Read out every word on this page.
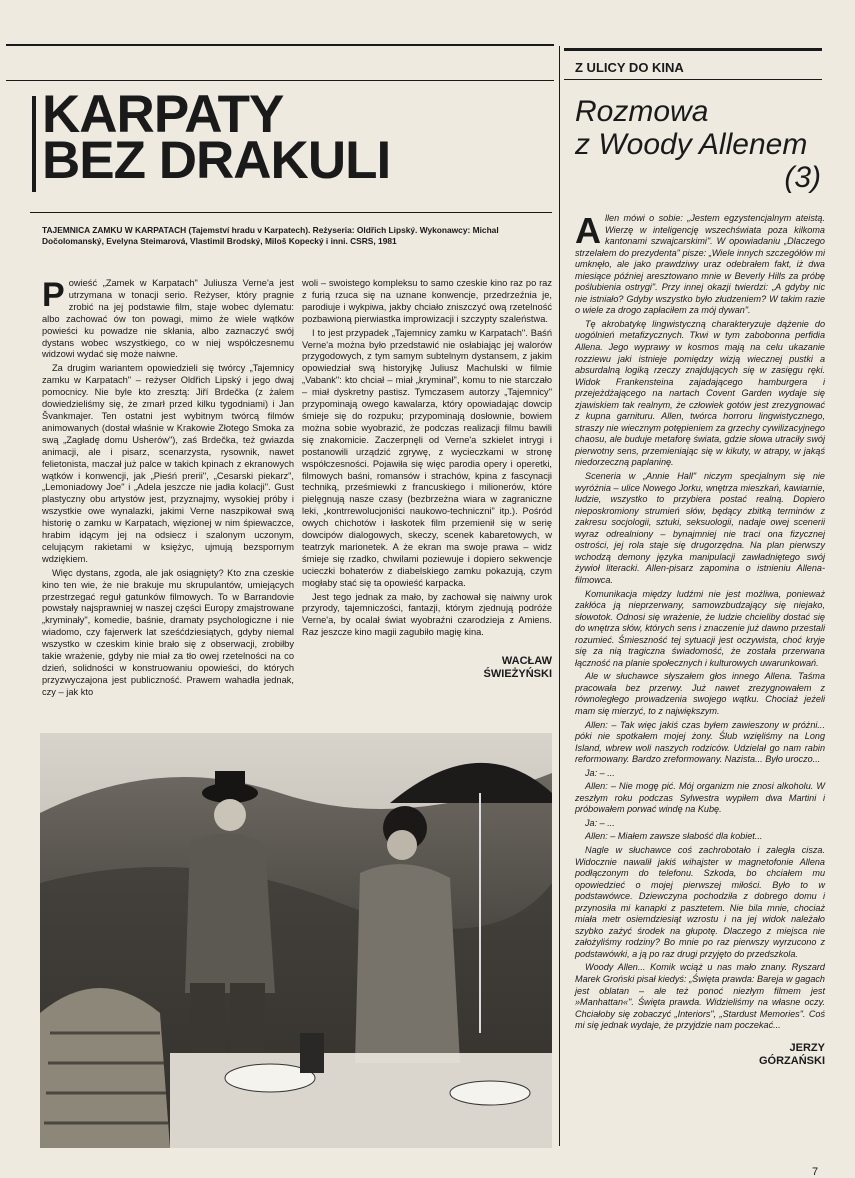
Z ULICY DO KINA
KARPATY
BEZ DRAKULI
TAJEMNICA ZAMKU W KARPATACH (Tajemství hradu v Karpatech). Reżyseria: Oldřich Lipský. Wykonawcy: Michal Dočolomanský, Evelyna Steimarová, Vlastimil Brodský, Miloš Kopecký i inni. CSRS, 1981
P owieść „Zamek w Karpatach" Juliusza Verne'a jest utrzymana w tonacji serio. Reżyser, który pragnie zrobić na jej podstawie film, staje wobec dylematu: albo zachować ów ton powagi, mimo że wiele wątków powieści ku powadze nie skłania, albo zaznaczyć swój dystans wobec wszystkiego, co w niej współczesnemu widzowi wydać się może naiwne.

Za drugim wariantem opowiedzieli się twórcy „Tajemnicy zamku w Karpatach" – reżyser Oldřich Lipský i jego dwaj pomocnicy. Nie byle kto zresztą: Jiří Brdečka (z żalem dowiedzieliśmy się, że zmarł przed kilku tygodniami) i Jan Švankmajer. Ten ostatni jest wybitnym twórcą filmów animowanych (dostał właśnie w Krakowie Złotego Smoka za swą „Zagładę domu Usherów"), zaś Brdečka, też gwiazda animacji, ale i pisarz, scenarzysta, rysownik, nawet felietonista, maczał już palce w takich kpinach z ekranowych wątków i konwencji, jak „Pieśń prerii", „Cesarski piekarz", „Lemoniadowy Joe" i „Adela jeszcze nie jadła kolacji". Gust plastyczny obu artystów jest, przyznajmy, wysokiej próby i wszystkie owe wynalazki, jakimi Verne naszpikował swą historię o zamku w Karpatach, więzionej w nim śpiewaczce, hrabim idącym jej na odsiecz i szalonym uczonym, celującym rakietami w księżyc, ujmują bezspornym wdziękiem.

Więc dystans, zgoda, ale jak osiągnięty? Kto zna czeskie kino ten wie, że nie brakuje mu skrupulantów, umiejących przestrzegać reguł gatunków filmowych. To w Barrandovie powstały najsprawniej w naszej części Europy zmajstrowane „kryminały", komedie, baśnie, dramaty psychologiczne i nie wiadomo, czy fajerwerk lat sześćdziesiątych, gdyby niemal wszystko w czeskim kinie brało się z obserwacji, zrobiłby takie wrażenie, gdyby nie miał za tło owej rzetelności na co dzień, solidności w konstruowaniu opowieści, do których przyzwyczajona jest publiczność. Prawem wahadła jednak, czy – jak kto

woli – swoistego kompleksu to samo czeskie kino raz po raz z furią rzuca się na uznane konwencje, przedrzeźnia je, parodiuje i wykpiwa, jakby chciało zniszczyć ową rzetelność pozbawioną pierwiastka improwizacji i szczypty szaleństwa.

I to jest przypadek „Tajemnicy zamku w Karpatach". Baśń Verne'a można było przedstawić nie osłabiając jej walorów przygodowych, z tym samym subtelnym dystansem, z jakim opowiedział swą historyjkę Juliusz Machulski w filmie „Vabank": kto chciał – miał „kryminał", komu to nie starczało – miał dyskretny pastisz. Tymczasem autorzy „Tajemnicy" przypominają owego kawalarza, który opowiadając dowcip śmieje się do rozpuku; przypominają dosłownie, bowiem można sobie wyobrazić, że podczas realizacji filmu bawili się znakomicie. Zaczerpnęli od Verne'a szkielet intrygi i postanowili urządzić zgrywę, z wycieczkami w stronę współczesności. Pojawiła się więc parodia opery i operetki, filmowych baśni, romansów i strachów, kpina z fascynacji techniką, prześmiewki z francuskiego i milionerów, które pielęgnują nasze czasy (bezbrzeżna wiara w zagraniczne leki, „kontrrewolucjoniści naukowo-techniczni" itp.). Pośród owych chichotów i łaskotek film przemienił się w serię dowcipów dialogowych, skeczy, scenek kabaretowych, w teatrzyk marionetek. A że ekran ma swoje prawa – widz śmieje się rzadko, chwilami poziewuje i dopiero sekwencje ucieczki bohaterów z diabelskiego zamku pokazują, czym mogłaby stać się ta opowieść karpacka.

Jest tego jednak za mało, by zachował się naiwny urok przyrody, tajemniczości, fantazji, którym zjednują podróże Verne'a, by ocalał świat wyobraźni czarodzieja z Amiens. Raz jeszcze kino magii zagubiło magię kina.

WACŁAW
ŚWIEŻYŃSKI
Rozmowa
z Woody Allenem
(3)
A llen mówi o sobie: „Jestem egzystencjalnym ateistą. Wierzę w inteligencję wszechświata poza kilkoma kantonami szwajcarskimi". W opowiadaniu „Dlaczego strzelałem do prezydenta" pisze: „Wiele innych szczegółów mi umknęło, ale jako prawdziwy uraz odebrałem fakt, iż dwa miesiące później aresztowano mnie w Beverly Hills za próbę poślubienia ostrygi". Przy innej okazji twierdzi: „A gdyby nic nie istniało? Gdyby wszystko było złudzeniem? W takim razie o wiele za drogo zapłaciłem za mój dywan".

Tę akrobatykę lingwistyczną charakteryzuje dążenie do uogólnień metafizycznych. Tkwi w tym zabobonna perfidia Allena. Jego wyprawy w kosmos mają na celu ukazanie rozziewu jaki istnieje pomiędzy wizją wiecznej pustki a absurdalną logiką rzeczy znajdujących się w zasięgu ręki. Widok Frankensteina zajadającego hamburgera i przejeżdżającego na nartach Covent Garden wydaje się zjawiskiem tak realnym, że człowiek gotów jest zrezygnować z kupna garnituru. Allen, twórca horroru lingwistycznego, straszy nie wiecznym potępieniem za grzechy cywilizacyjnego chaosu, ale buduje metaforę świata, gdzie słowa utraciły swój pierwotny sens, przemieniając się w kikuty, w atrapy, w jakąś niedorzeczną paplaninę.

Sceneria w „Annie Hall" niczym specjalnym się nie wyróżnia – ulice Nowego Jorku, wnętrza mieszkań, kawiarnie, ludzie, wszystko to przybiera postać realną. Dopiero nieposkromiony strumień słów, będący zbitką terminów z zakresu socjologii, sztuki, seksuologii, nadaje owej scenerii wyraz odrealniony – bynajmniej nie traci ona fizycznej ostrości, jej rola staje się drugorzędna. Na plan pierwszy wchodzą demony języka manipulacji zawładniętego swój żywioł literacki. Allen-pisarz zapomina o istnieniu Allena-filmowca.

Komunikacja między ludźmi nie jest możliwa, ponieważ zakłóca ją nieprzerwany, samowzbudzający się niejako, słowotok. Odnosi się wrażenie, że ludzie chcieliby dostać się do wnętrza słów, których sens i znaczenie już dawno przestali rozumieć. Śmieszność tej sytuacji jest oczywista, choć kryje się za nią tragiczna świadomość, że została przerwana łączność na planie społecznych i kulturowych uwarunkowań.

Ale w słuchawce słyszałem głos innego Allena. Taśma pracowała bez przerwy. Już nawet zrezygnowałem z równoległego prowadzenia swojego wątku. Chociaż jeżeli mam się mierzyć, to z największym.

Allen: – Tak więc jakiś czas byłem zawieszony w próżni... póki nie spotkałem mojej żony. Ślub wzięliśmy na Long Island, wbrew woli naszych rodziców. Udzielał go nam rabin reformowany. Bardzo zreformowany. Nazista... Było uroczo...

Ja: – ...

Allen: – Nie mogę pić. Mój organizm nie znosi alkoholu. W zeszłym roku podczas Sylwestra wypiłem dwa Martini i próbowałem porwać windę na Kubę.

Ja: – ...

Allen: – Miałem zawsze słabość dla kobiet...

Nagle w słuchawce coś zachrobotało i zaległa cisza. Widocznie nawalił jakiś wihajster w magnetofonie Allena podłączonym do telefonu. Szkoda, bo chciałem mu opowiedzieć o mojej pierwszej miłości. Było to w podstawówce. Dziewczyna pochodziła z dobrego domu i przynosiła mi kanapki z pasztetem. Nie bila mnie, chociaż miała metr osiemdziesiąt wzrostu i na jej widok należało szybko zażyć środek na głupotę. Dlaczego z miejsca nie założyliśmy rodziny? Bo mnie po raz pierwszy wyrzucono z podstawówki, a ją po raz drugi przyjęto do przedszkola.

Woody Allen... Komik wciąż u nas mało znany. Ryszard Marek Groński pisał kiedyś: „Święta prawda: Bareja w gagach jest oblatan – ale też ponoć niezłym filmem jest »Manhattan«". Święta prawda. Widzieliśmy na własne oczy. Chciałoby się zobaczyć „Interiors", „Stardust Memories". Coś mi się jednak wydaje, że przyjdzie nam poczekać...

JERZY
GÓRZAŃSKI
7
